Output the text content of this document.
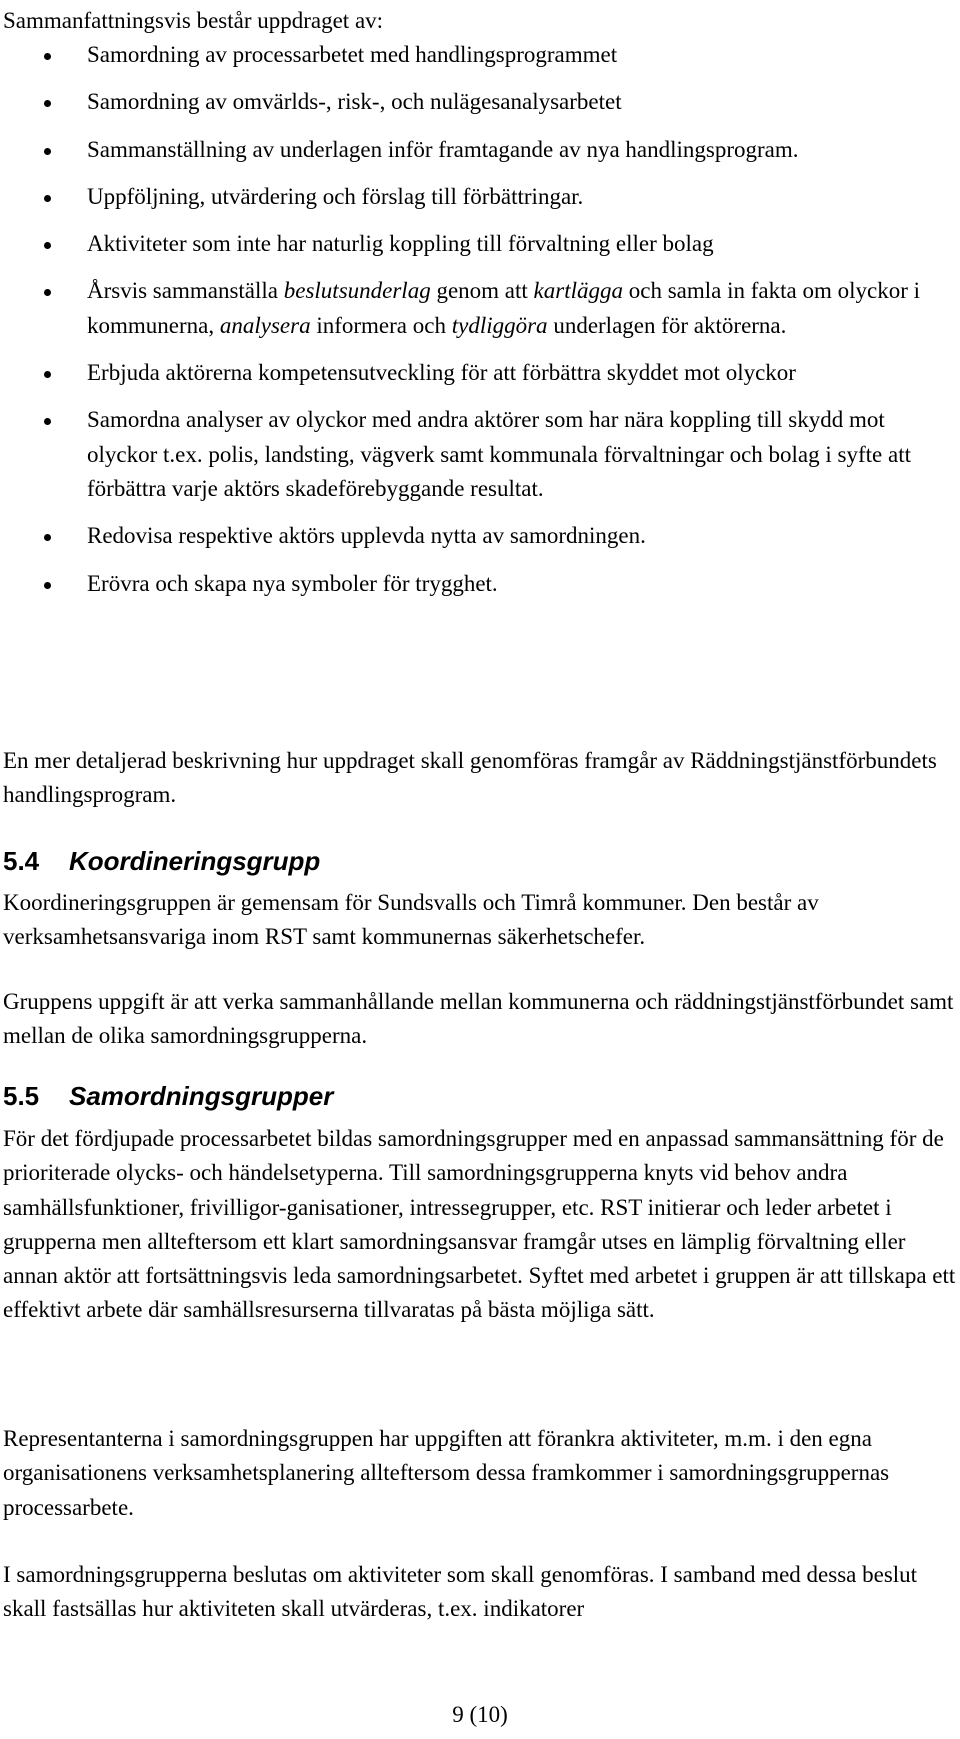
Sammanfattningsvis består uppdraget av:
Samordning av processarbetet med handlingsprogrammet
Samordning av omvärlds-, risk-, och nulägesanalysarbetet
Sammanställning av underlagen inför framtagande av nya handlingsprogram.
Uppföljning, utvärdering och förslag till förbättringar.
Aktiviteter som inte har naturlig koppling till förvaltning eller bolag
Årsvis sammanställa beslutsunderlag genom att kartlägga och samla in fakta om olyckor i kommunerna, analysera informera och tydliggöra underlagen för aktörerna.
Erbjuda aktörerna kompetensutveckling för att förbättra skyddet mot olyckor
Samordna analyser av olyckor med andra aktörer som har nära koppling till skydd mot olyckor t.ex. polis, landsting, vägverk samt kommunala förvaltningar och bolag i syfte att förbättra varje aktörs skadeförebyggande resultat.
Redovisa respektive aktörs upplevda nytta av samordningen.
Erövra och skapa nya symboler för trygghet.

En mer detaljerad beskrivning hur uppdraget skall genomföras framgår av Räddningstjänstförbundets handlingsprogram.

5.4 Koordineringsgrupp

Koordineringsgruppen är gemensam för Sundsvalls och Timrå kommuner. Den består av verksamhetsansvariga inom RST samt kommunernas säkerhetschefer.

Gruppens uppgift är att verka sammanhållande mellan kommunerna och räddningstjänstförbundet samt mellan de olika samordningsgrupperna.

5.5 Samordningsgrupper

För det fördjupade processarbetet bildas samordningsgrupper med en anpassad sammansättning för de prioriterade olycks- och händelsetyperna. Till samordningsgrupperna knyts vid behov andra samhällsfunktioner, frivilligor-ganisationer, intressegrupper, etc. RST initierar och leder arbetet i grupperna men allteftersom ett klart samordningsansvar framgår utses en lämplig förvaltning eller annan aktör att fortsättningsvis leda samordningsarbetet. Syftet med arbetet i gruppen är att tillskapa ett effektivt arbete där samhällsresurserna tillvaratas på bästa möjliga sätt.

Representanterna i samordningsgruppen har uppgiften att förankra aktiviteter, m.m. i den egna organisationens verksamhetsplanering allteftersom dessa framkommer i samordningsgruppernas processarbete.

I samordningsgrupperna beslutas om aktiviteter som skall genomföras. I samband med dessa beslut skall fastsällas hur aktiviteten skall utvärderas, t.ex. indikatorer

9 (10)
